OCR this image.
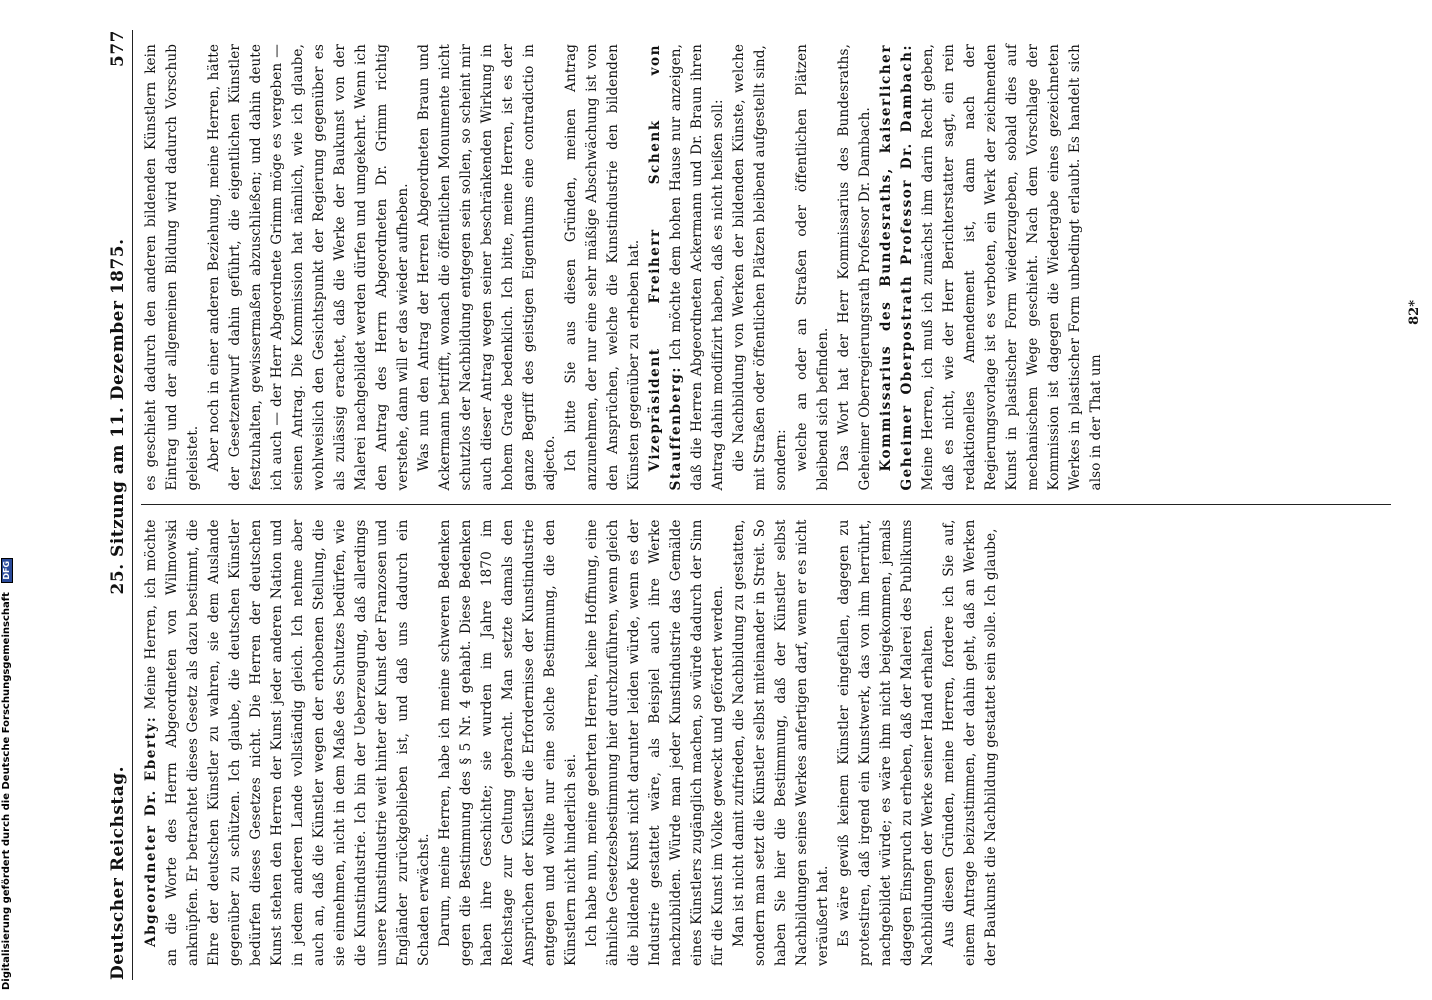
Digitalisierung gefördert durch die Deutsche Forschungsgemeinschaft DFG
Deutscher Reichstag.
25. Sitzung am 11. Dezember 1875.
577

Abgeordneter Dr. Eberty: Meine Herren, ich möchte an die Worte des Herrn Abgeordneten von Wilmowski anknüpfen. Er betrachtet dieses Gesetz als dazu bestimmt, die Ehre der deutschen Künstler zu wahren, sie dem Auslande gegenüber zu schützen. Ich glaube, die deutschen Künstler bedürfen dieses Gesetzes nicht. Die Herren der deutschen Kunst stehen den Herren der Kunst jeder anderen Nation und in jedem anderen Lande vollständig gleich. Ich nehme aber auch an, daß die Künstler wegen der erhobenen Stellung, die sie einnehmen, nicht in dem Maße des Schutzes bedürfen, wie die Kunstindustrie. Ich bin der Ueberzeugung, daß allerdings unsere Kunstindustrie weit hinter der Kunst der Franzosen und Engländer zurückgeblieben ist, und daß uns dadurch ein Schaden erwächst. Darum, meine Herren, habe ich meine schweren Bedenken gegen die Bestimmung des § 5 Nr. 4 gehabt. Diese Bedenken haben ihre Geschichte; sie wurden im Jahre 1870 im Reichstage zur Geltung gebracht. Man setzte damals den Ansprüchen der Künstler die Erfordernisse der Kunstindustrie entgegen und wollte nur eine solche Bestimmung, die den Künstlern nicht hinderlich sei. Ich habe nun, meine geehrten Herren, keine Hoffnung, eine ähnliche Gesetzesbestimmung hier durchzuführen, wenn gleich die bildende Kunst nicht darunter leiden würde, wenn es der Industrie gestattet wäre, als Beispiel auch ihre Werke nachzubilden. Würde man jeder Kunstindustrie das Gemälde eines Künstlers zugänglich machen, so würde dadurch der Sinn für die Kunst im Volke geweckt und gefördert werden. Man ist nicht damit zufrieden, die Nachbildung zu gestatten, sondern man setzt die Künstler selbst miteinander in Streit. So haben Sie hier die Bestimmung, daß der Künstler selbst Nachbildungen seines Werkes anfertigen darf, wenn er es nicht veräußert hat. Es wäre gewiß keinem Künstler eingefallen, dagegen zu protestiren, daß irgend ein Kunstwerk, das von ihm herrührt, nachgebildet würde; es wäre ihm nicht beigekommen, jemals dagegen Einspruch zu erheben, daß der Malerei des Publikums Nachbildungen der Werke seiner Hand erhalten. Aus diesen Gründen, meine Herren, fordere ich Sie auf, einem Antrage beizustimmen, der dahin geht, daß an Werken der Baukunst die Nachbildung gestattet sein solle. Ich glaube,

es geschieht dadurch den anderen bildenden Künstlern kein Eintrag und der allgemeinen Bildung wird dadurch Vorschub geleistet. Aber noch in einer anderen Beziehung, meine Herren, hätte der Gesetzentwurf dahin geführt, die eigentlichen Künstler festzuhalten, gewissermaßen abzuschließen; und dahin deute ich auch — der Herr Abgeordnete Grimm möge es vergeben — seinen Antrag. Die Kommission hat nämlich, wie ich glaube, wohlweislich den Gesichtspunkt der Regierung gegenüber es als zulässig erachtet, daß die Werke der Baukunst von der Malerei nachgebildet werden dürfen und umgekehrt. Wenn ich den Antrag des Herrn Abgeordneten Dr. Grimm richtig verstehe, dann will er das wieder aufheben. Was nun den Antrag der Herren Abgeordneten Braun und Ackermann betrifft, wonach die öffentlichen Monumente nicht schutzlos der Nachbildung entgegen sein sollen, so scheint mir auch dieser Antrag wegen seiner beschränkenden Wirkung in hohem Grade bedenklich. Ich bitte, meine Herren, ist es der ganze Begriff des geistigen Eigenthums eine contradictio in adjecto. Ich bitte Sie aus diesen Gründen, meinen Antrag anzunehmen, der nur eine sehr mäßige Abschwächung ist von den Ansprüchen, welche die Kunstindustrie den bildenden Künsten gegenüber zu erheben hat. Vizepräsident Freiherr Schenk von Stauffenberg: Ich möchte dem hohen Hause nur anzeigen, daß die Herren Abgeordneten Ackermann und Dr. Braun ihren Antrag dahin modifizirt haben, daß es nicht heißen soll: die Nachbildung von Werken der bildenden Künste, welche mit Straßen oder öffentlichen Plätzen bleibend aufgestellt sind, sondern: welche an oder an Straßen oder öffentlichen Plätzen bleibend sich befinden. Das Wort hat der Herr Kommissarius des Bundesraths, Geheimer Oberregierungsrath Professor Dr. Dambach. Kommissarius des Bundesraths, kaiserlicher Geheimer Oberpostrath Professor Dr. Dambach: Meine Herren, ich muß ich zunächst ihm darin Recht geben, daß es nicht, wie der Herr Berichterstatter sagt, ein rein redaktionelles Amendement ist, dann nach der Regierungsvorlage ist es verboten, ein Werk der zeichnenden Kunst in plastischer Form wiederzugeben, sobald dies auf mechanischem Wege geschieht. Nach dem Vorschlage der Kommission ist dagegen die Wiedergabe eines gezeichneten Werkes in plastischer Form unbedingt erlaubt. Es handelt sich also in der That um

82*
